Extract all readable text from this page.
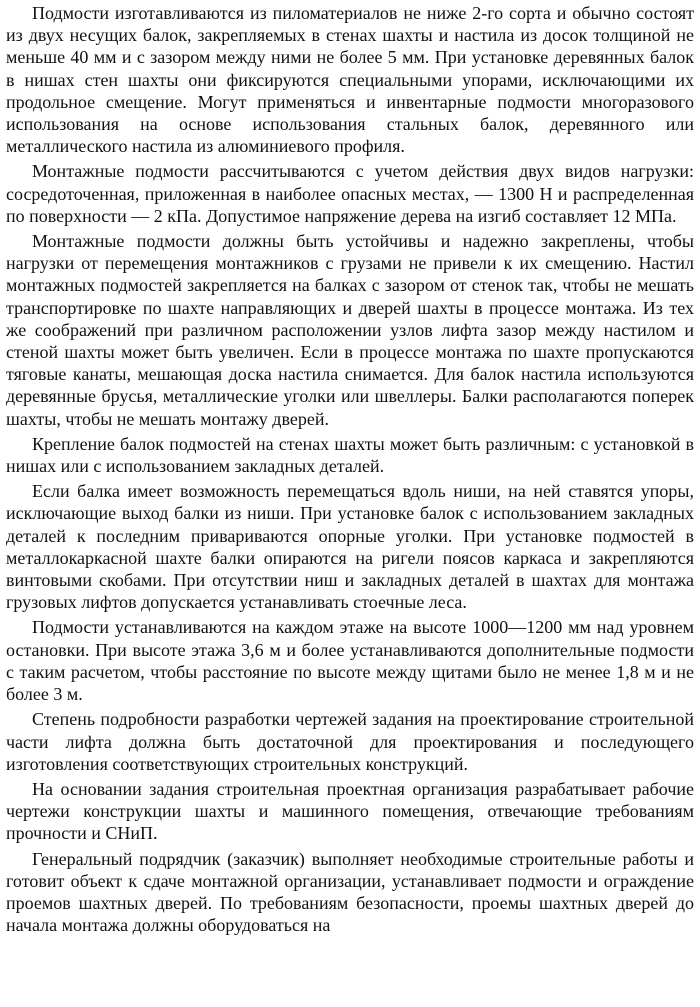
Подмости изготавливаются из пиломатериалов не ниже 2-го сорта и обычно состоят из двух несущих балок, закрепляемых в стенах шахты и настила из досок толщиной не меньше 40 мм и с зазором между ними не более 5 мм. При установке деревянных балок в нишах стен шахты они фиксируются специальными упорами, исключающими их продольное смещение. Могут применяться и инвентарные подмости многоразового использования на основе использования стальных балок, деревянного или металлического настила из алюминиевого профиля.

Монтажные подмости рассчитываются с учетом действия двух видов нагрузки: сосредоточенная, приложенная в наиболее опасных местах, — 1300 Н и распределенная по поверхности — 2 кПа. Допустимое напряжение дерева на изгиб составляет 12 МПа.

Монтажные подмости должны быть устойчивы и надежно закреплены, чтобы нагрузки от перемещения монтажников с грузами не привели к их смещению. Настил монтажных подмостей закрепляется на балках с зазором от стенок так, чтобы не мешать транспортировке по шахте направляющих и дверей шахты в процессе монтажа. Из тех же соображений при различном расположении узлов лифта зазор между настилом и стеной шахты может быть увеличен. Если в процессе монтажа по шахте пропускаются тяговые канаты, мешающая доска настила снимается. Для балок настила используются деревянные брусья, металлические уголки или швеллеры. Балки располагаются поперек шахты, чтобы не мешать монтажу дверей.

Крепление балок подмостей на стенах шахты может быть различным: с установкой в нишах или с использованием закладных деталей.

Если балка имеет возможность перемещаться вдоль ниши, на ней ставятся упоры, исключающие выход балки из ниши. При установке балок с использованием закладных деталей к последним привариваются опорные уголки. При установке подмостей в металлокаркасной шахте балки опираются на ригели поясов каркаса и закрепляются винтовыми скобами. При отсутствии ниш и закладных деталей в шахтах для монтажа грузовых лифтов допускается устанавливать стоечные леса.

Подмости устанавливаются на каждом этаже на высоте 1000—1200 мм над уровнем остановки. При высоте этажа 3,6 м и более устанавливаются дополнительные подмости с таким расчетом, чтобы расстояние по высоте между щитами было не менее 1,8 м и не более 3 м.

Степень подробности разработки чертежей задания на проектирование строительной части лифта должна быть достаточной для проектирования и последующего изготовления соответствующих строительных конструкций.

На основании задания строительная проектная организация разрабатывает рабочие чертежи конструкции шахты и машинного помещения, отвечающие требованиям прочности и СНиП.

Генеральный подрядчик (заказчик) выполняет необходимые строительные работы и готовит объект к сдаче монтажной организации, устанавливает подмости и ограждение проемов шахтных дверей. По требованиям безопасности, проемы шахтных дверей до начала монтажа должны оборудоваться на
